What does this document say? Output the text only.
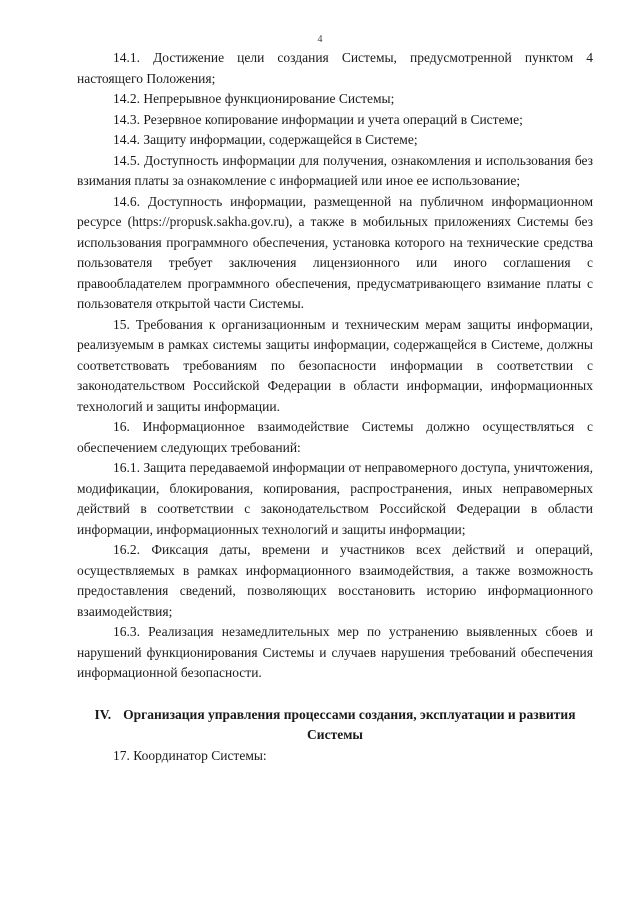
4

14.1. Достижение цели создания Системы, предусмотренной пунктом 4 настоящего Положения;

14.2. Непрерывное функционирование Системы;

14.3. Резервное копирование информации и учета операций в Системе;

14.4. Защиту информации, содержащейся в Системе;

14.5. Доступность информации для получения, ознакомления и использования без взимания платы за ознакомление с информацией или иное ее использование;

14.6. Доступность информации, размещенной на публичном информационном ресурсе (https://propusk.sakha.gov.ru), а также в мобильных приложениях Системы без использования программного обеспечения, установка которого на технические средства пользователя требует заключения лицензионного или иного соглашения с правообладателем программного обеспечения, предусматривающего взимание платы с пользователя открытой части Системы.

15. Требования к организационным и техническим мерам защиты информации, реализуемым в рамках системы защиты информации, содержащейся в Системе, должны соответствовать требованиям по безопасности информации в соответствии с законодательством Российской Федерации в области информации, информационных технологий и защиты информации.

16. Информационное взаимодействие Системы должно осуществляться с обеспечением следующих требований:

16.1. Защита передаваемой информации от неправомерного доступа, уничтожения, модификации, блокирования, копирования, распространения, иных неправомерных действий в соответствии с законодательством Российской Федерации в области информации, информационных технологий и защиты информации;

16.2. Фиксация даты, времени и участников всех действий и операций, осуществляемых в рамках информационного взаимодействия, а также возможность предоставления сведений, позволяющих восстановить историю информационного взаимодействия;

16.3. Реализация незамедлительных мер по устранению выявленных сбоев и нарушений функционирования Системы и случаев нарушения требований обеспечения информационной безопасности.

IV. Организация управления процессами создания, эксплуатации и развития Системы

17. Координатор Системы:
